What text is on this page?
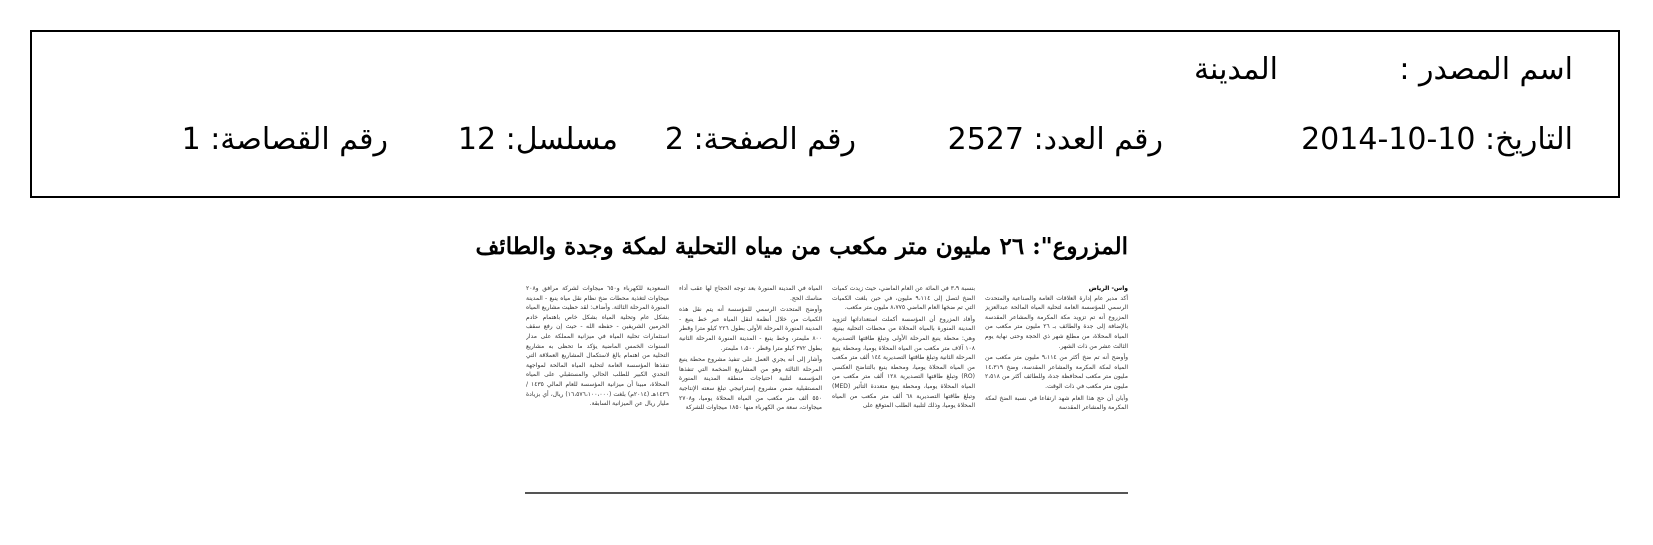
اسم المصدر :
المدينة
التاريخ: 10-10-2014
رقم العدد: 2527
رقم الصفحة: 2
مسلسل: 12
رقم القصاصة: 1
المزروع": ٢٦ مليون متر مكعب من مياه التحلية لمكة وجدة والطائف
واس- الرياض

أكد مدير عام إدارة العلاقات العامة والصناعية والمتحدث الرسمي للمؤسسة العامة لتحلية المياه المالحة عبدالعزيز المزروع أنه تم تزويد مكة المكرمة والمشاعر المقدسة بالإضافة إلى جدة والطائف بـ ٢٦ مليون متر مكعب من المياه المحلاة، من مطلع شهر ذي الحجة وحتى نهاية يوم الثالث عشر من ذات الشهر.

وأوضح أنه تم ضخ أكثر من ٩،١١٤ مليون متر مكعب من المياه لمكة المكرمة والمشاعر المقدسة، وضخ ١٤،٣١٩ مليون متر مكعب لمحافظة جدة، وللطائف أكثر من ٢،٥١٨ مليون متر مكعب في ذات الوقت.

وأبان أن حج هذا العام شهد ارتفاعا في نسبة الضخ لمكة المكرمة والمشاعر المقدسة

بنسبة ٣،٩ في المائة عن العام الماضي، حيث زيدت كميات الضخ لتصل إلى ٩،١١٤ مليون، في حين بلغت الكميات التي تم ضخها العام الماضي ٨،٧٧٥ مليون متر مكعب.

وأفاد المزروع أن المؤسسة أكملت استعداداتها لتزويد المدينة المنورة بالمياه المحلاة من محطات التحلية بينبع، وهي: محطة ينبع المرحلة الأولى وتبلغ طاقتها التصديرية ١٠٨ آلاف متر مكعب من المياه المحلاة يوميا، ومحطة ينبع المرحلة الثانية وتبلغ طاقتها التصديرية ١٤٤ ألف متر مكعب من المياه المحلاة يوميا، ومحطة ينبع بالتناضح العكسي (RO) وتبلغ طاقتها التصديرية ١٢٨ ألف متر مكعب من المياه المحلاة يوميا، ومحطة ينبع متعددة التأثير (MED) وتبلغ طاقتها التصديرية ٦٨ ألف متر مكعب من المياه المحلاة يوميا، وذلك لتلبية الطلب المتوقع على

المياه في المدينة المنورة بعد توجه الحجاج لها عقب أداء مناسك الحج.

وأوضح المتحدث الرسمي للمؤسسة أنه يتم نقل هذه الكميات من خلال أنظمة لنقل المياه عبر خط ينبع - المدينة المنورة المرحلة الأولى بطول ٢٢٦ كيلو مترا وقطر ٨٠٠ مليمتر، وخط ينبع - المدينة المنورة المرحلة الثانية بطول ٣٧٢ كيلو مترا وقطر ١،٥٠٠ مليمتر.

وأشار إلى أنه يجري العمل على تنفيذ مشروع محطة ينبع المرحلة الثالثة وهو من المشاريع الضخمة التي تنفذها المؤسسة لتلبية احتياجات منطقة المدينة المنورة المستقبلية ضمن مشروع إستراتيجي تبلغ سعته الإنتاجية ٥٥٠ ألف متر مكعب من المياه المحلاة يوميا، و٢٧٠٨ ميجاوات، سعة من الكهرباء منها ١٨٥٠ ميجاوات للشركة

السعودية للكهرباء و٦٥٠ ميجاوات لشركة مرافق و٢٠٨ ميجاوات لتغذية محطات ضخ نظام نقل مياه ينبع - المدينة المنورة المرحلة الثالثة. وأضاف: لقد حظيت مشاريع المياه بشكل عام وتحلية المياه بشكل خاص باهتمام خادم الحرمين الشريفين - حفظه الله - حيث إن رفع سقف استثمارات تحلية المياه في ميزانية المملكة على مدار السنوات الخمس الماضية يؤكد ما تحظى به مشاريع التحلية من اهتمام بالغ لاستكمال المشاريع العملاقة التي تنفذها المؤسسة العامة لتحلية المياه المالحة لمواجهة التحدي الكبير للطلب الحالي والمستقبلي على المياه المحلاة، مبينا أن ميزانية المؤسسة للعام المالي ١٤٣٥ / ١٤٣٦هـ (٢٠١٤م) بلغت (١٦،٥٧٦،١٠٠،٠٠٠) ريال، أي بزيادة مليار ريال عن الميزانية السابقة.
